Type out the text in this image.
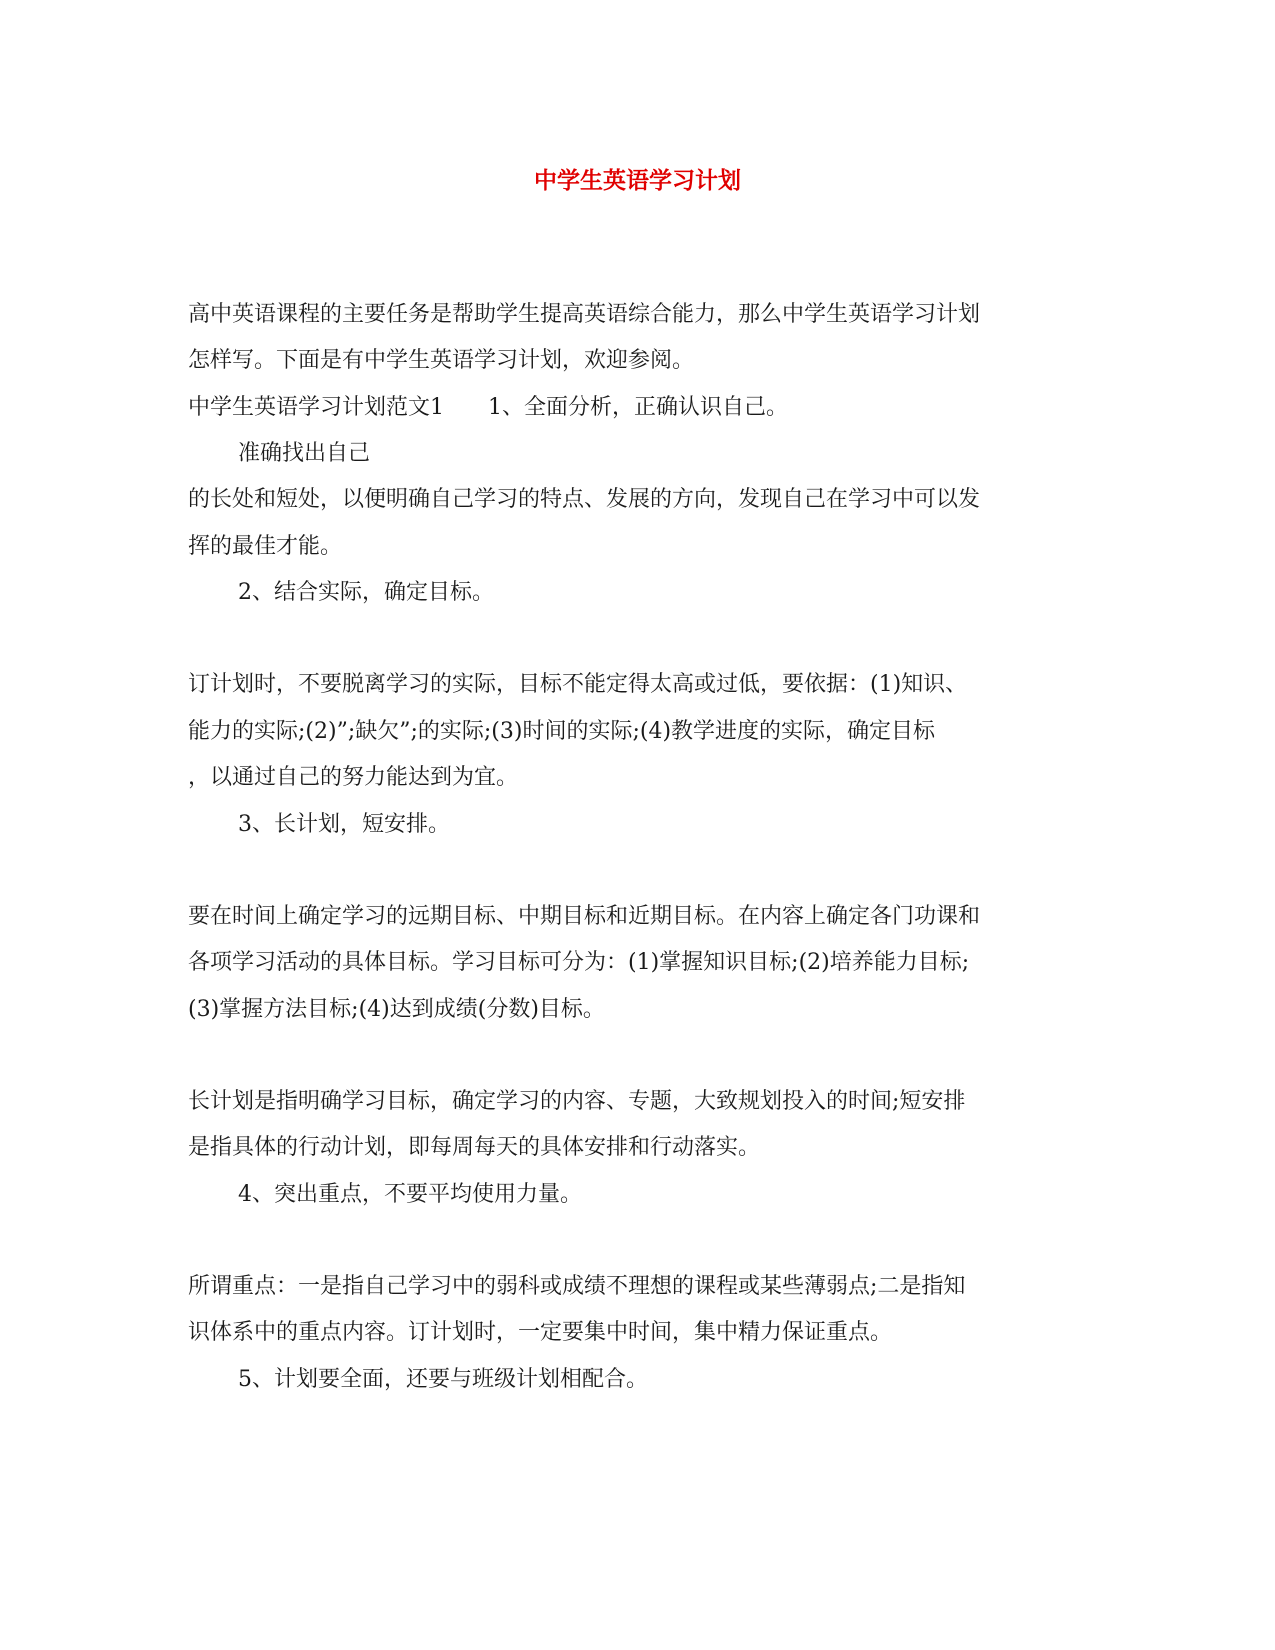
中学生英语学习计划
高中英语课程的主要任务是帮助学生提高英语综合能力，那么中学生英语学习计划
怎样写。下面是有中学生英语学习计划，欢迎参阅。
中学生英语学习计划范文1 1、全面分析，正确认识自己。
准确找出自己
的长处和短处，以便明确自己学习的特点、发展的方向，发现自己在学习中可以发
挥的最佳才能。
2、结合实际，确定目标。
订计划时，不要脱离学习的实际，目标不能定得太高或过低，要依据：(1)知识、
能力的实际;(2)”;缺欠”;的实际;(3)时间的实际;(4)教学进度的实际，确定目标
，以通过自己的努力能达到为宜。
3、长计划，短安排。
要在时间上确定学习的远期目标、中期目标和近期目标。在内容上确定各门功课和
各项学习活动的具体目标。学习目标可分为：(1)掌握知识目标;(2)培养能力目标;
(3)掌握方法目标;(4)达到成绩(分数)目标。
长计划是指明确学习目标，确定学习的内容、专题，大致规划投入的时间;短安排
是指具体的行动计划，即每周每天的具体安排和行动落实。
4、突出重点，不要平均使用力量。
所谓重点：一是指自己学习中的弱科或成绩不理想的课程或某些薄弱点;二是指知
识体系中的重点内容。订计划时，一定要集中时间，集中精力保证重点。
5、计划要全面，还要与班级计划相配合。
